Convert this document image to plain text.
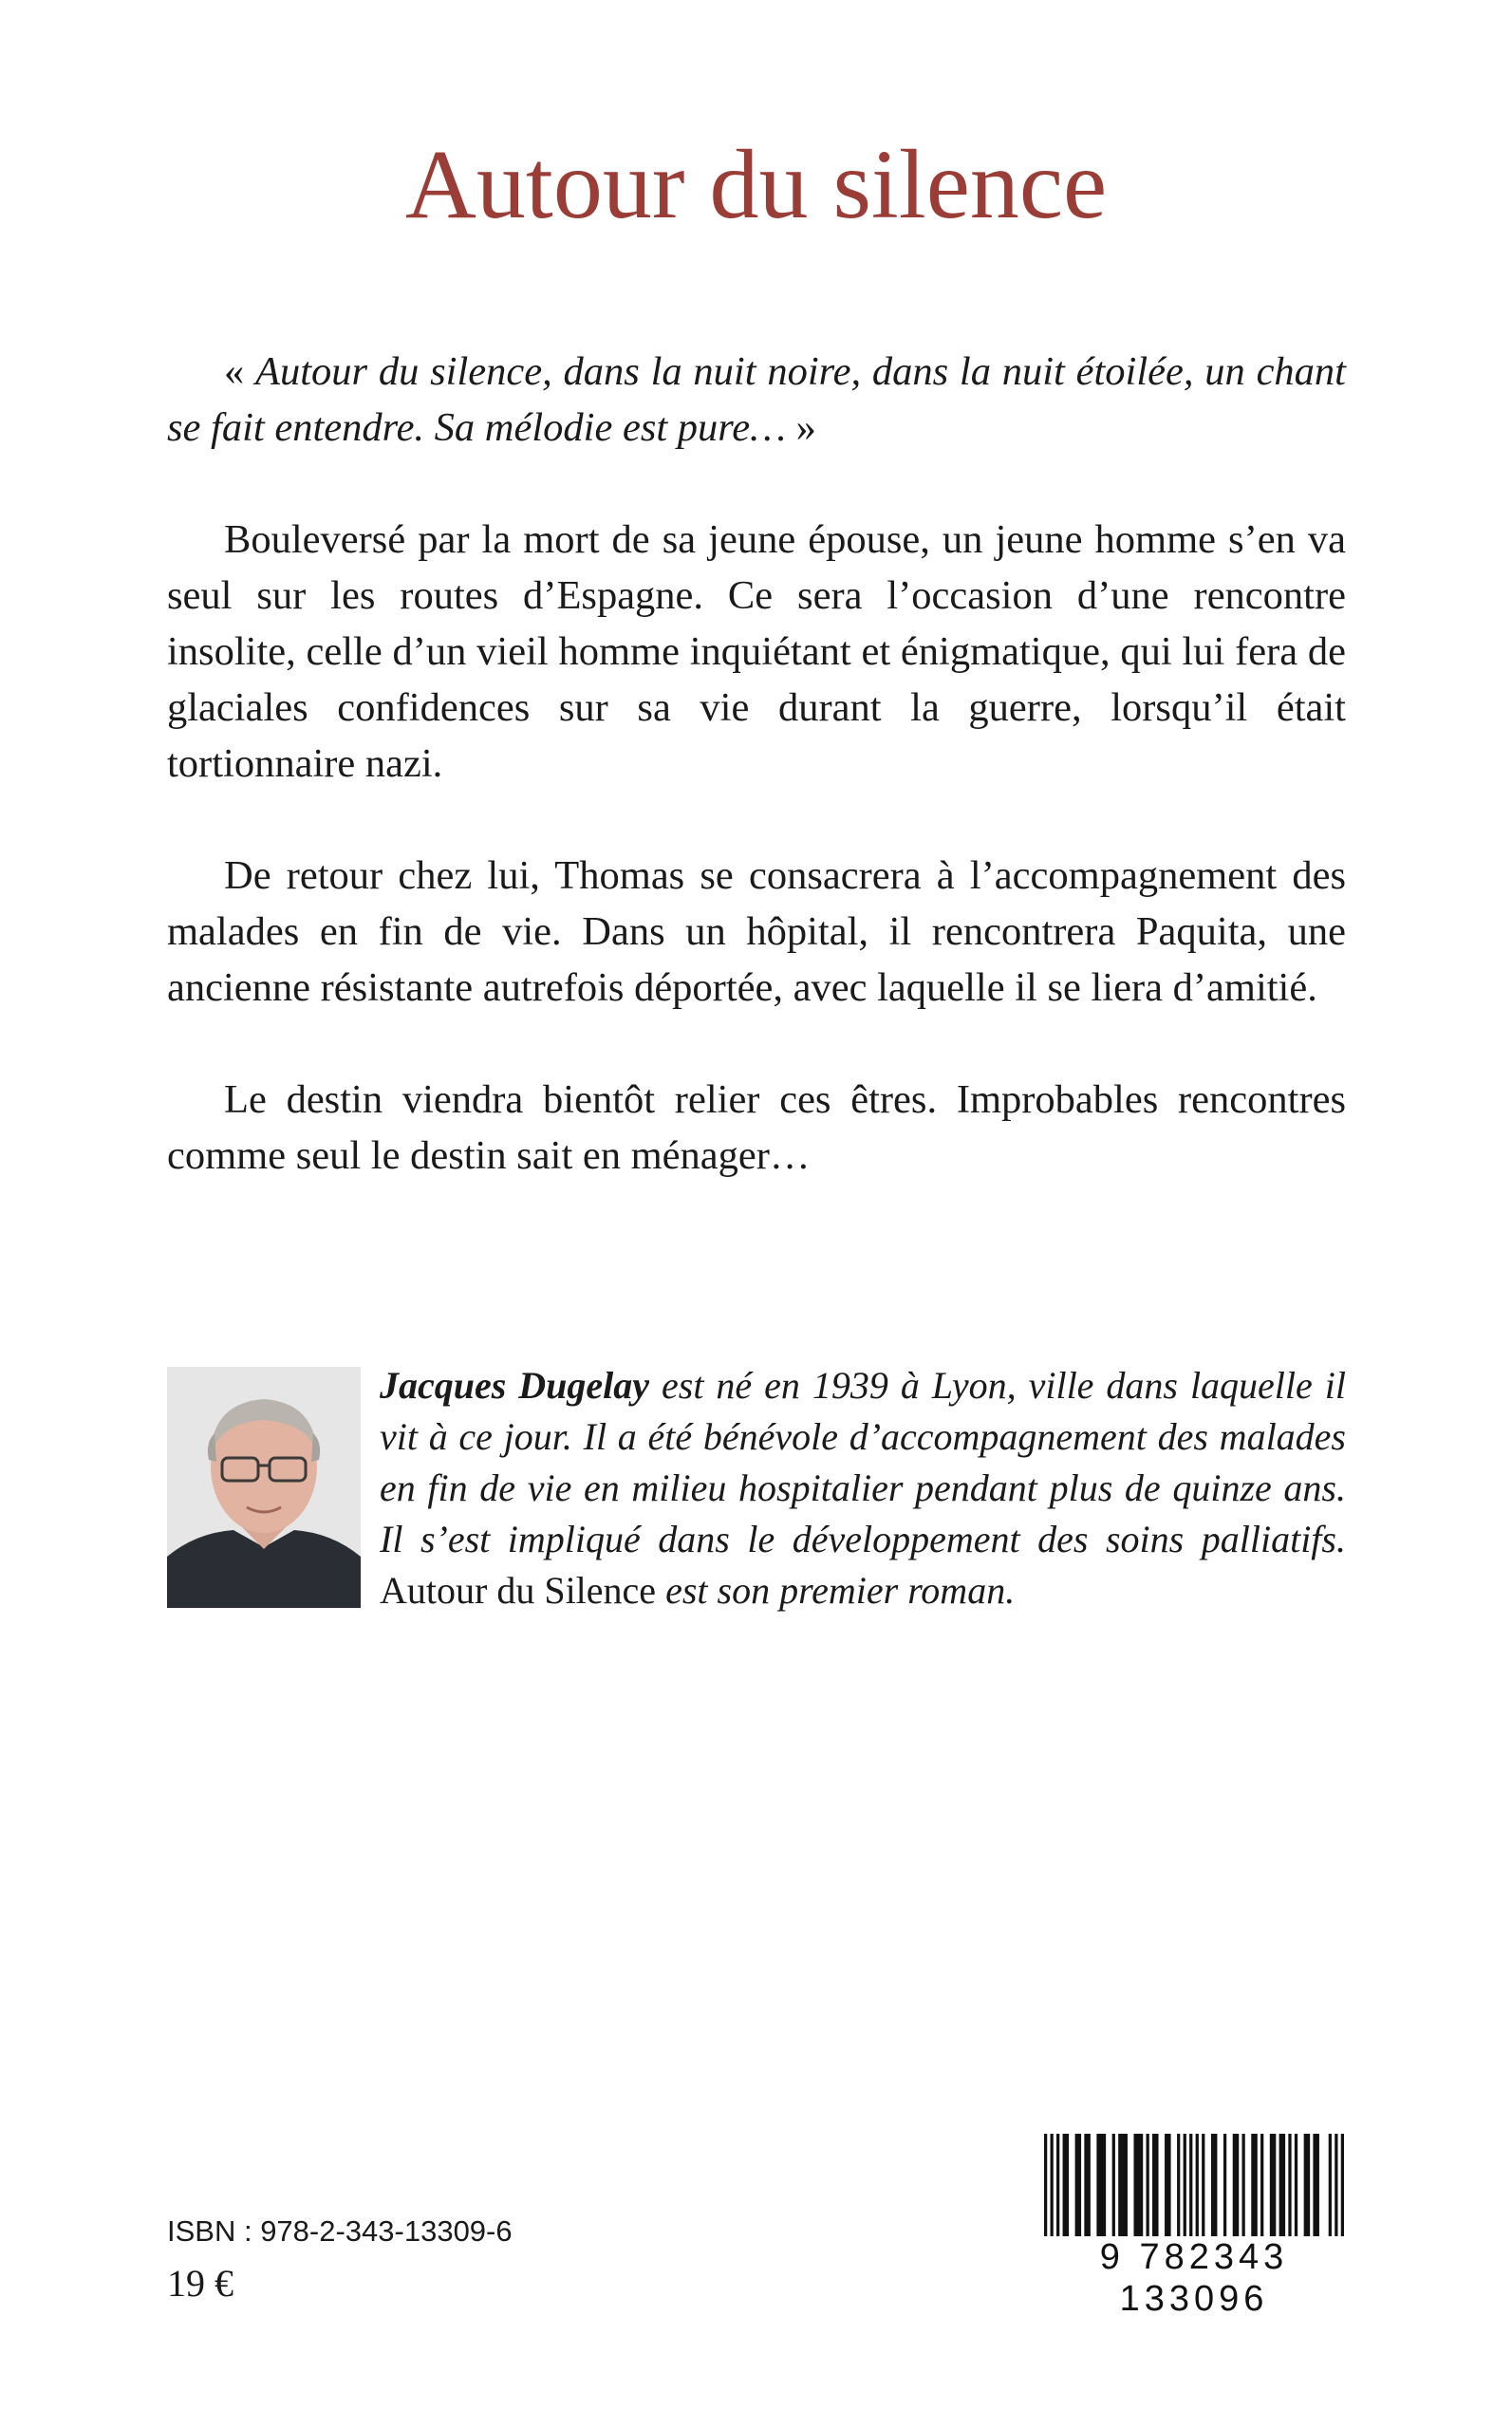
Autour du silence

« Autour du silence, dans la nuit noire, dans la nuit étoilée, un chant se fait entendre. Sa mélodie est pure… »

Bouleversé par la mort de sa jeune épouse, un jeune homme s’en va seul sur les routes d’Espagne. Ce sera l’occasion d’une rencontre insolite, celle d’un vieil homme inquiétant et énigmatique, qui lui fera de glaciales confidences sur sa vie durant la guerre, lorsqu’il était tortionnaire nazi.

De retour chez lui, Thomas se consacrera à l’accompagnement des malades en fin de vie. Dans un hôpital, il rencontrera Paquita, une ancienne résistante autrefois déportée, avec laquelle il se liera d’amitié.

Le destin viendra bientôt relier ces êtres. Improbables rencontres comme seul le destin sait en ménager…

Jacques Dugelay est né en 1939 à Lyon, ville dans laquelle il vit à ce jour. Il a été bénévole d’accompagnement des malades en fin de vie en milieu hospitalier pendant plus de quinze ans. Il s’est impliqué dans le développement des soins palliatifs. Autour du Silence est son premier roman.
ISBN : 978-2-343-13309-6
19 €
9 782343 133096
